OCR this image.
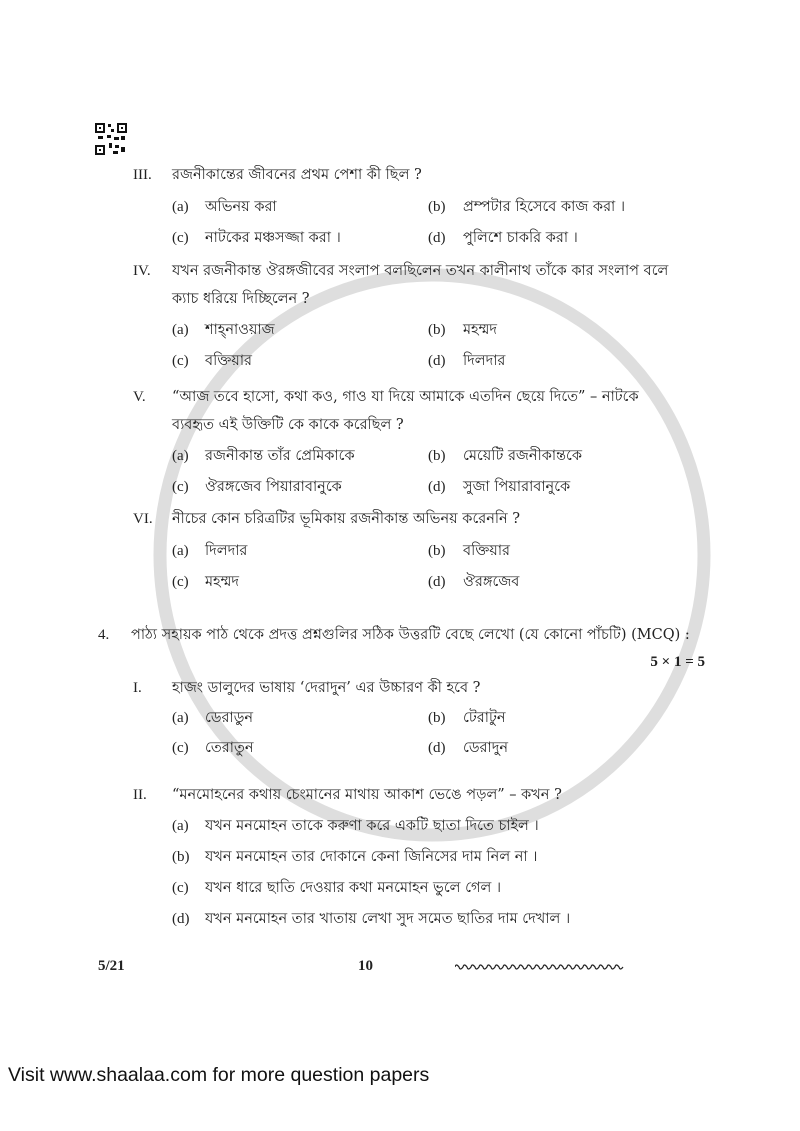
III.	রজনীকান্তের জীবনের প্রথম পেশা কী ছিল ?
(a)	অভিনয় করা	(b)	প্রম্পটার হিসেবে কাজ করা ।
(c)	নাটকের মঞ্চসজ্জা করা ।	(d)	পুলিশে চাকরি করা ।
IV.	যখন রজনীকান্ত ঔরঙ্গজীবের সংলাপ বলছিলেন তখন কালীনাথ তাঁকে কার সংলাপ বলে
ক্যাচ ধরিয়ে দিচ্ছিলেন ?
(a)	শাহ্‌নাওয়াজ	(b)	মহম্মদ
(c)	বক্তিয়ার	(d)	দিলদার
V.	“আজ তবে হাসো, কথা কও, গাও যা দিয়ে আমাকে এতদিন ছেয়ে দিতে” – নাটকে
ব্যবহৃত এই উক্তিটি কে কাকে করেছিল ?
(a)	রজনীকান্ত তাঁর প্রেমিকাকে	(b)	মেয়েটি রজনীকান্তকে
(c)	ঔরঙ্গজেব পিয়ারাবানুকে	(d)	সুজা পিয়ারাবানুকে
VI.	নীচের কোন চরিত্রটির ভূমিকায় রজনীকান্ত অভিনয় করেননি ?
(a)	দিলদার	(b)	বক্তিয়ার
(c)	মহম্মদ	(d)	ঔরঙ্গজেব
4.	পাঠ্য সহায়ক পাঠ থেকে প্রদত্ত প্রশ্নগুলির সঠিক উত্তরটি বেছে লেখো (যে কোনো পাঁচটি) (MCQ) :
5 × 1 = 5
I.	হাজং ডালুদের ভাষায় ‘দেরাদুন’ এর উচ্চারণ কী হবে ?
(a)	ডেরাডুন	(b)	টেরাটুন
(c)	তেরাতুন	(d)	ডেরাদুন
II.	“মনমোহনের কথায় চেংমানের মাথায় আকাশ ভেঙে পড়ল” – কখন ?
(a)	যখন মনমোহন তাকে করুণা করে একটি ছাতা দিতে চাইল ।
(b)	যখন মনমোহন তার দোকানে কেনা জিনিসের দাম নিল না ।
(c)	যখন ধারে ছাতি দেওয়ার কথা মনমোহন ভুলে গেল ।
(d)	যখন মনমোহন তার খাতায় লেখা সুদ সমেত ছাতির দাম দেখাল ।
5/21	10
Visit www.shaalaa.com for more question papers
